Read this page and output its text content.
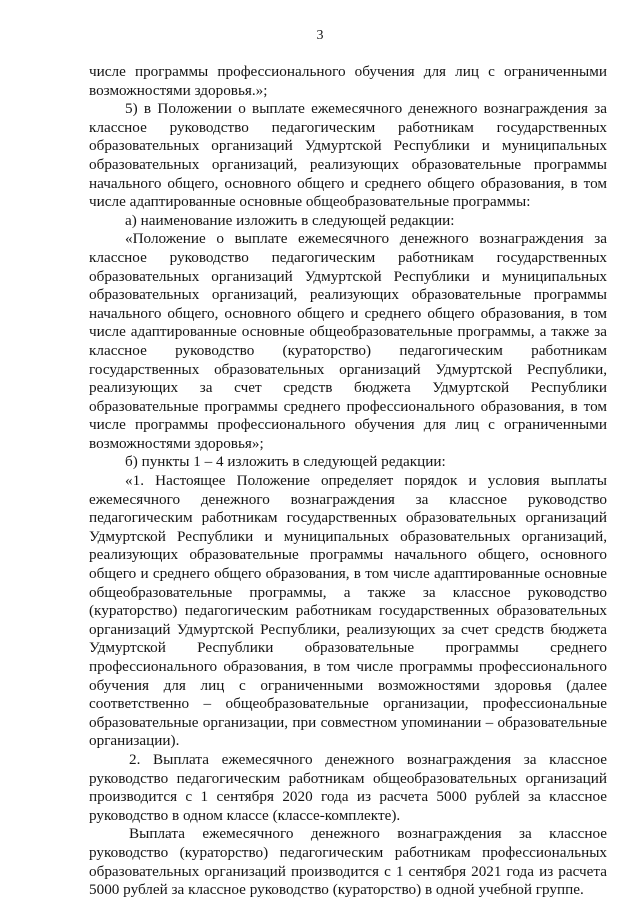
3

числе программы профессионального обучения для лиц с ограниченными возможностями здоровья.»;

5) в Положении о выплате ежемесячного денежного вознаграждения за классное руководство педагогическим работникам государственных образовательных организаций Удмуртской Республики и муниципальных образовательных организаций, реализующих образовательные программы начального общего, основного общего и среднего общего образования, в том числе адаптированные основные общеобразовательные программы:

а) наименование изложить в следующей редакции:

«Положение о выплате ежемесячного денежного вознаграждения за классное руководство педагогическим работникам государственных образовательных организаций Удмуртской Республики и муниципальных образовательных организаций, реализующих образовательные программы начального общего, основного общего и среднего общего образования, в том числе адаптированные основные общеобразовательные программы, а также за классное руководство (кураторство) педагогическим работникам государственных образовательных организаций Удмуртской Республики, реализующих за счет средств бюджета Удмуртской Республики образовательные программы среднего профессионального образования, в том числе программы профессионального обучения для лиц с ограниченными возможностями здоровья»;

б) пункты 1 – 4 изложить в следующей редакции:

«1. Настоящее Положение определяет порядок и условия выплаты ежемесячного денежного вознаграждения за классное руководство педагогическим работникам государственных образовательных организаций Удмуртской Республики и муниципальных образовательных организаций, реализующих образовательные программы начального общего, основного общего и среднего общего образования, в том числе адаптированные основные общеобразовательные программы, а также за классное руководство (кураторство) педагогическим работникам государственных образовательных организаций Удмуртской Республики, реализующих за счет средств бюджета Удмуртской Республики образовательные программы среднего профессионального образования, в том числе программы профессионального обучения для лиц с ограниченными возможностями здоровья (далее соответственно – общеобразовательные организации, профессиональные образовательные организации, при совместном упоминании – образовательные организации).

2. Выплата ежемесячного денежного вознаграждения за классное руководство педагогическим работникам общеобразовательных организаций производится с 1 сентября 2020 года из расчета 5000 рублей за классное руководство в одном классе (классе-комплекте).

Выплата ежемесячного денежного вознаграждения за классное руководство (кураторство) педагогическим работникам профессиональных образовательных организаций производится с 1 сентября 2021 года из расчета 5000 рублей за классное руководство (кураторство) в одной учебной группе.
